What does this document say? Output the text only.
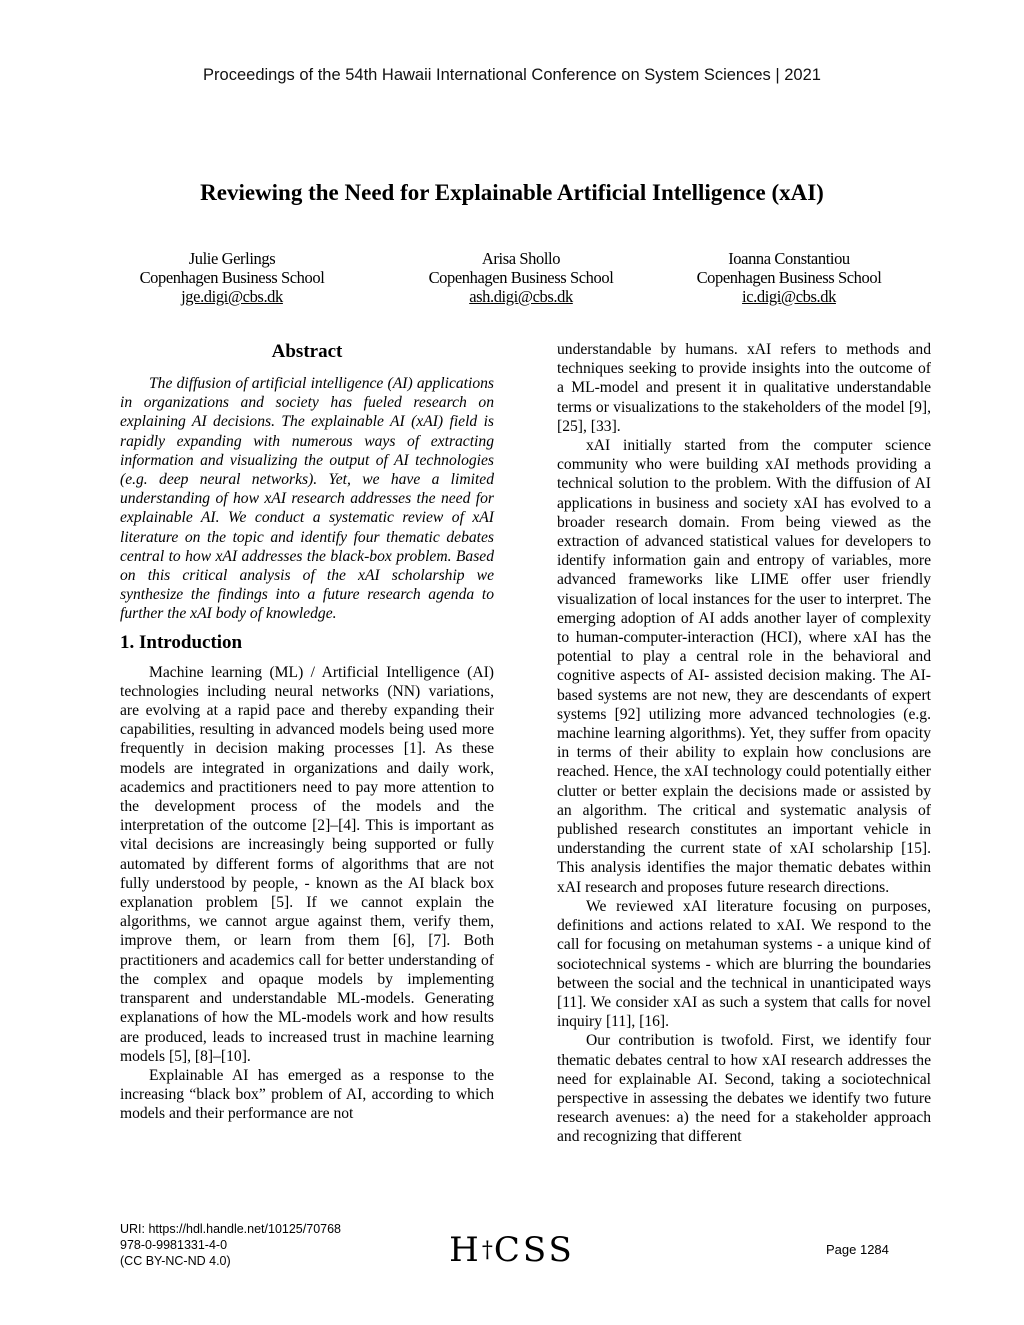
Proceedings of the 54th Hawaii International Conference on System Sciences | 2021
Reviewing the Need for Explainable Artificial Intelligence (xAI)
Julie Gerlings
Copenhagen Business School
jge.digi@cbs.dk
Arisa Shollo
Copenhagen Business School
ash.digi@cbs.dk
Ioanna Constantiou
Copenhagen Business School
ic.digi@cbs.dk
Abstract

The diffusion of artificial intelligence (AI) applications in organizations and society has fueled research on explaining AI decisions. The explainable AI (xAI) field is rapidly expanding with numerous ways of extracting information and visualizing the output of AI technologies (e.g. deep neural networks). Yet, we have a limited understanding of how xAI research addresses the need for explainable AI. We conduct a systematic review of xAI literature on the topic and identify four thematic debates central to how xAI addresses the black-box problem. Based on this critical analysis of the xAI scholarship we synthesize the findings into a future research agenda to further the xAI body of knowledge.

1. Introduction

Machine learning (ML) / Artificial Intelligence (AI) technologies including neural networks (NN) variations, are evolving at a rapid pace and thereby expanding their capabilities, resulting in advanced models being used more frequently in decision making processes [1]. As these models are integrated in organizations and daily work, academics and practitioners need to pay more attention to the development process of the models and the interpretation of the outcome [2]–[4]. This is important as vital decisions are increasingly being supported or fully automated by different forms of algorithms that are not fully understood by people, - known as the AI black box explanation problem [5]. If we cannot explain the algorithms, we cannot argue against them, verify them, improve them, or learn from them [6], [7]. Both practitioners and academics call for better understanding of the complex and opaque models by implementing transparent and understandable ML-models. Generating explanations of how the ML-models work and how results are produced, leads to increased trust in machine learning models [5], [8]–[10].

Explainable AI has emerged as a response to the increasing “black box” problem of AI, according to which models and their performance are not

understandable by humans. xAI refers to methods and techniques seeking to provide insights into the outcome of a ML-model and present it in qualitative understandable terms or visualizations to the stakeholders of the model [9], [25], [33].

xAI initially started from the computer science community who were building xAI methods providing a technical solution to the problem. With the diffusion of AI applications in business and society xAI has evolved to a broader research domain. From being viewed as the extraction of advanced statistical values for developers to identify information gain and entropy of variables, more advanced frameworks like LIME offer user friendly visualization of local instances for the user to interpret. The emerging adoption of AI adds another layer of complexity to human-computer-interaction (HCI), where xAI has the potential to play a central role in the behavioral and cognitive aspects of AI- assisted decision making. The AI-based systems are not new, they are descendants of expert systems [92] utilizing more advanced technologies (e.g. machine learning algorithms). Yet, they suffer from opacity in terms of their ability to explain how conclusions are reached. Hence, the xAI technology could potentially either clutter or better explain the decisions made or assisted by an algorithm. The critical and systematic analysis of published research constitutes an important vehicle in understanding the current state of xAI scholarship [15]. This analysis identifies the major thematic debates within xAI research and proposes future research directions.

We reviewed xAI literature focusing on purposes, definitions and actions related to xAI. We respond to the call for focusing on metahuman systems - a unique kind of sociotechnical systems - which are blurring the boundaries between the social and the technical in unanticipated ways [11]. We consider xAI as such a system that calls for novel inquiry [11], [16].

Our contribution is twofold. First, we identify four thematic debates central to how xAI research addresses the need for explainable AI. Second, taking a sociotechnical perspective in assessing the debates we identify two future research avenues: a) the need for a stakeholder approach and recognizing that different

URI: https://hdl.handle.net/10125/70768
978-0-9981331-4-0
(CC BY-NC-ND 4.0)	H†CSS	Page 1284
